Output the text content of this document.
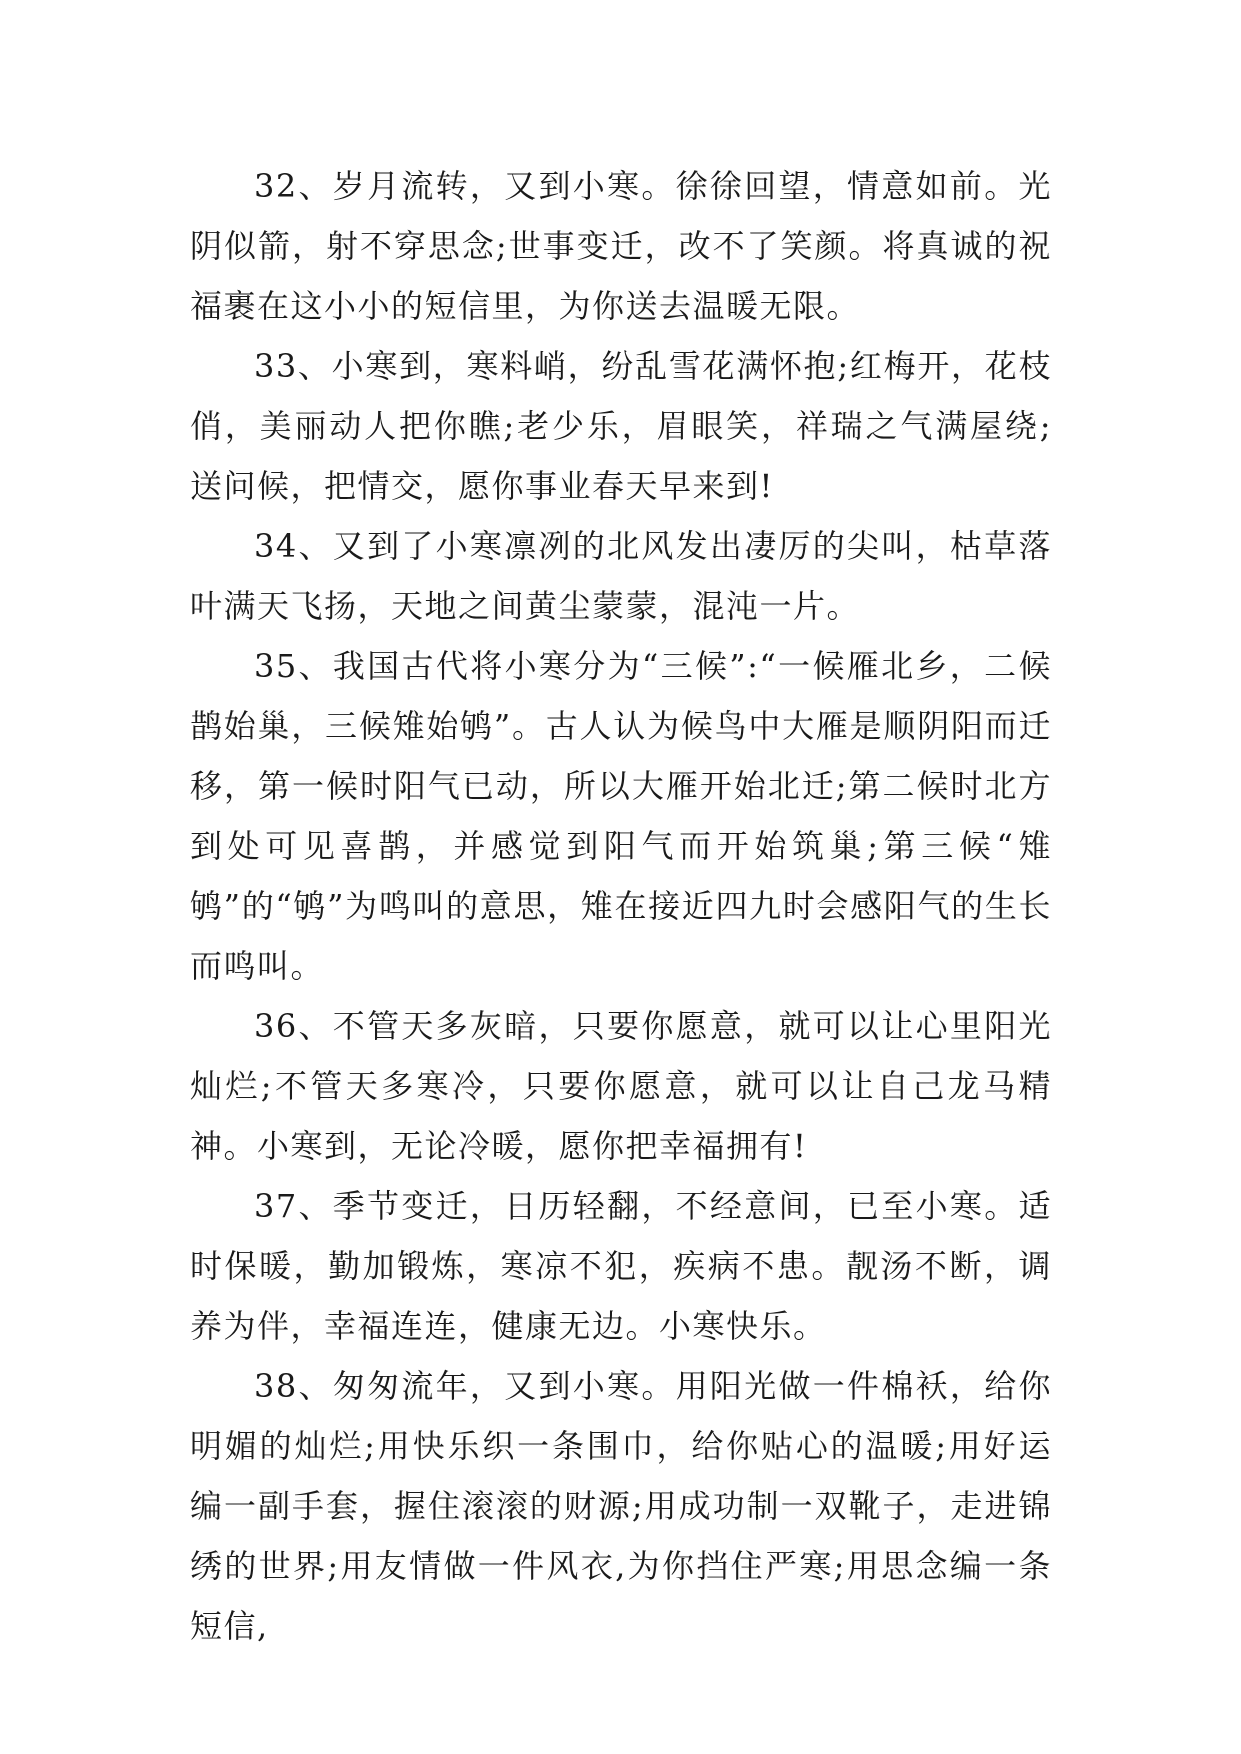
32、岁月流转，又到小寒。徐徐回望，情意如前。光阴似箭，射不穿思念;世事变迁，改不了笑颜。将真诚的祝福裹在这小小的短信里，为你送去温暖无限。

33、小寒到，寒料峭，纷乱雪花满怀抱;红梅开，花枝俏，美丽动人把你瞧;老少乐，眉眼笑，祥瑞之气满屋绕;送问候，把情交，愿你事业春天早来到!

34、又到了小寒凛冽的北风发出凄厉的尖叫，枯草落叶满天飞扬，天地之间黄尘蒙蒙，混沌一片。

35、我国古代将小寒分为“三候”:“一候雁北乡，二候鹊始巢，三候雉始鸲”。古人认为候鸟中大雁是顺阴阳而迁移，第一候时阳气已动，所以大雁开始北迁;第二候时北方到处可见喜鹊，并感觉到阳气而开始筑巢;第三候“雉鸲”的“鸲”为鸣叫的意思，雉在接近四九时会感阳气的生长而鸣叫。

36、不管天多灰暗，只要你愿意，就可以让心里阳光灿烂;不管天多寒冷，只要你愿意，就可以让自己龙马精神。小寒到，无论冷暖，愿你把幸福拥有!

37、季节变迁，日历轻翻，不经意间，已至小寒。适时保暖，勤加锻炼，寒凉不犯，疾病不患。靓汤不断，调养为伴，幸福连连，健康无边。小寒快乐。

38、匆匆流年，又到小寒。用阳光做一件棉袄，给你明媚的灿烂;用快乐织一条围巾，给你贴心的温暖;用好运编一副手套，握住滚滚的财源;用成功制一双靴子，走进锦绣的世界;用友情做一件风衣,为你挡住严寒;用思念编一条短信,
